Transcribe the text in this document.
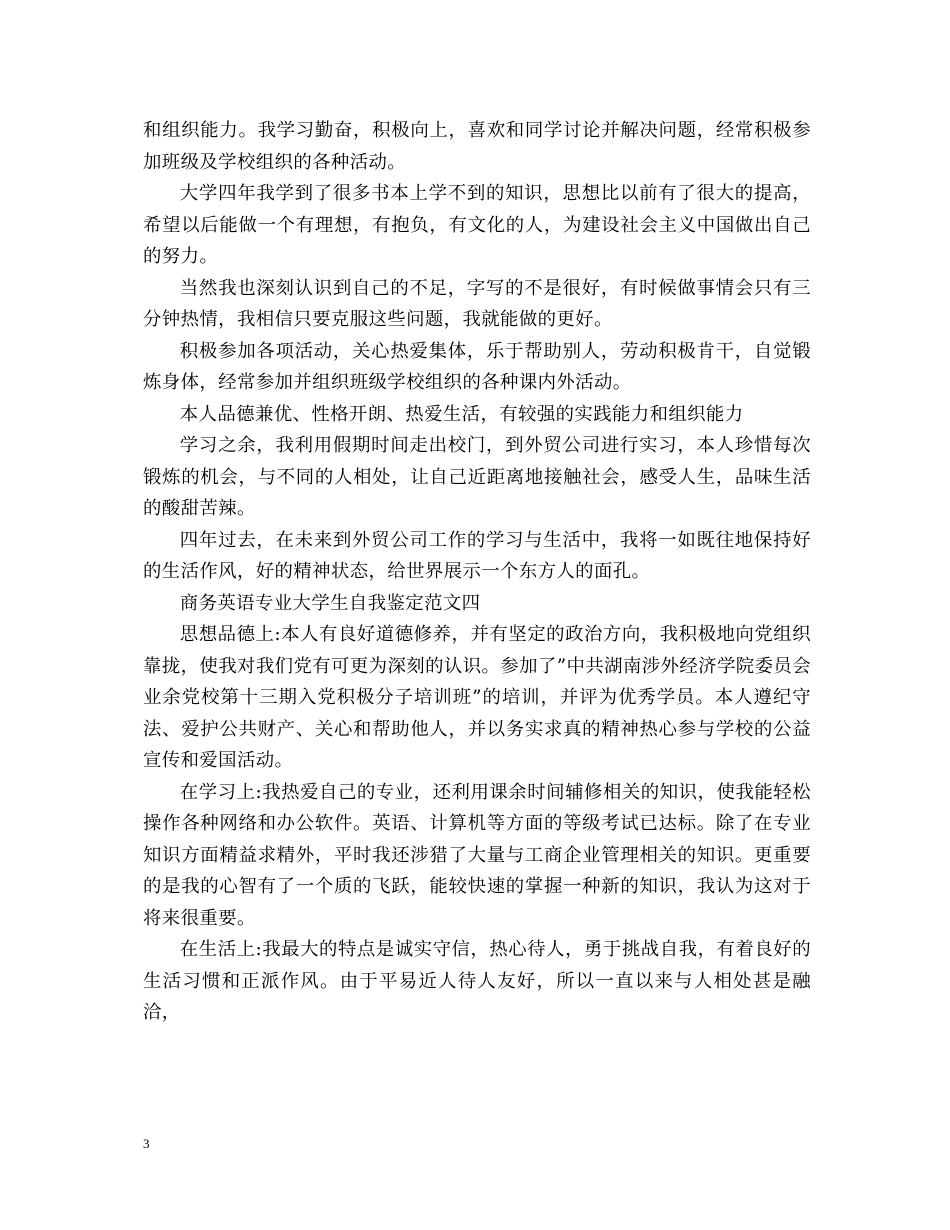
和组织能力。我学习勤奋，积极向上，喜欢和同学讨论并解决问题，经常积极参加班级及学校组织的各种活动。

大学四年我学到了很多书本上学不到的知识，思想比以前有了很大的提高，希望以后能做一个有理想，有抱负，有文化的人，为建设社会主义中国做出自己的努力。

当然我也深刻认识到自己的不足，字写的不是很好，有时候做事情会只有三分钟热情，我相信只要克服这些问题，我就能做的更好。

积极参加各项活动，关心热爱集体，乐于帮助别人，劳动积极肯干，自觉锻炼身体，经常参加并组织班级学校组织的各种课内外活动。

本人品德兼优、性格开朗、热爱生活，有较强的实践能力和组织能力

学习之余，我利用假期时间走出校门，到外贸公司进行实习，本人珍惜每次锻炼的机会，与不同的人相处，让自己近距离地接触社会，感受人生，品味生活的酸甜苦辣。

四年过去，在未来到外贸公司工作的学习与生活中，我将一如既往地保持好的生活作风，好的精神状态，给世界展示一个东方人的面孔。

商务英语专业大学生自我鉴定范文四

思想品德上:本人有良好道德修养，并有坚定的政治方向，我积极地向党组织靠拢，使我对我们党有可更为深刻的认识。参加了”中共湖南涉外经济学院委员会业余党校第十三期入党积极分子培训班”的培训，并评为优秀学员。本人遵纪守法、爱护公共财产、关心和帮助他人，并以务实求真的精神热心参与学校的公益宣传和爱国活动。

在学习上:我热爱自己的专业，还利用课余时间辅修相关的知识，使我能轻松操作各种网络和办公软件。英语、计算机等方面的等级考试已达标。除了在专业知识方面精益求精外，平时我还涉猎了大量与工商企业管理相关的知识。更重要的是我的心智有了一个质的飞跃，能较快速的掌握一种新的知识，我认为这对于将来很重要。

在生活上:我最大的特点是诚实守信，热心待人，勇于挑战自我，有着良好的生活习惯和正派作风。由于平易近人待人友好，所以一直以来与人相处甚是融洽，

3
